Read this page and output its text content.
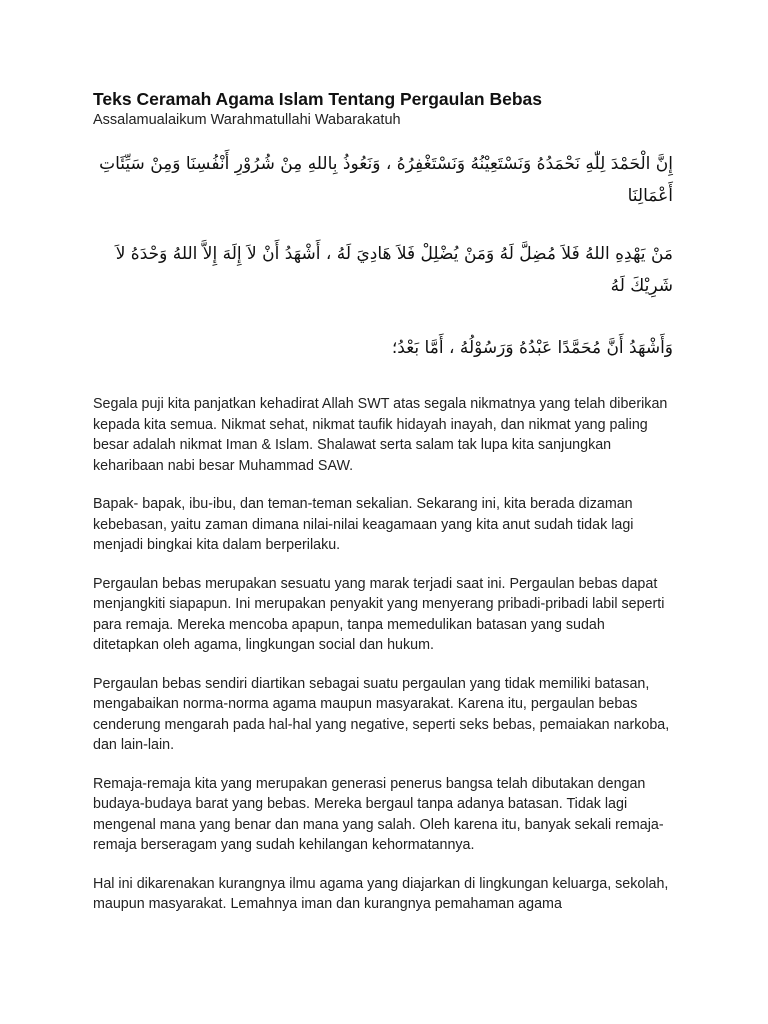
Teks Ceramah Agama Islam Tentang Pergaulan Bebas

Assalamualaikum Warahmatullahi Wabarakatuh

إِنَّ الْحَمْدَ لِلّٰهِ نَحْمَدُهُ وَنَسْتَعِيْنُهُ وَنَسْتَغْفِرُهُ ، وَنَعُوذُ بِاللهِ مِنْ شُرُوْرِ أَنْفُسِنَا وَمِنْ سَيِّئَاتِ أَعْمَالِنَا

مَنْ يَهْدِهِ اللهُ فَلاَ مُضِلَّ لَهُ وَمَنْ يُضْلِلْ فَلاَ هَادِيَ لَهُ ، أَشْهَدُ أَنْ لاَ إِلَهَ إِلاَّ اللهُ وَحْدَهُ لاَ شَرِيْكَ لَهُ

وَأَشْهَدُ أَنَّ مُحَمَّدًا عَبْدُهُ وَرَسُوْلُهُ ، أَمَّا بَعْدُ؛

Segala puji kita panjatkan kehadirat Allah SWT atas segala nikmatnya yang telah diberikan kepada kita semua. Nikmat sehat, nikmat taufik hidayah inayah, dan nikmat yang paling besar adalah nikmat Iman & Islam. Shalawat serta salam tak lupa kita sanjungkan keharibaan nabi besar Muhammad SAW.

Bapak- bapak, ibu-ibu, dan teman-teman sekalian. Sekarang ini, kita berada dizaman kebebasan, yaitu zaman dimana nilai-nilai keagamaan yang kita anut sudah tidak lagi menjadi bingkai kita dalam berperilaku.

Pergaulan bebas merupakan sesuatu yang marak terjadi saat ini. Pergaulan bebas dapat menjangkiti siapapun. Ini merupakan penyakit yang menyerang pribadi-pribadi labil seperti para remaja. Mereka mencoba apapun, tanpa memedulikan batasan yang sudah ditetapkan oleh agama, lingkungan social dan hukum.

Pergaulan bebas sendiri diartikan sebagai suatu pergaulan yang tidak memiliki batasan, mengabaikan norma-norma agama maupun masyarakat. Karena itu, pergaulan bebas cenderung mengarah pada hal-hal yang negative, seperti seks bebas, pemaiakan narkoba, dan lain-lain.

Remaja-remaja kita yang merupakan generasi penerus bangsa telah dibutakan dengan budaya-budaya barat yang bebas. Mereka bergaul tanpa adanya batasan. Tidak lagi mengenal mana yang benar dan mana yang salah. Oleh karena itu, banyak sekali remaja-remaja berseragam yang sudah kehilangan kehormatannya.

Hal ini dikarenakan kurangnya ilmu agama yang diajarkan di lingkungan keluarga, sekolah, maupun masyarakat. Lemahnya iman dan kurangnya pemahaman agama
